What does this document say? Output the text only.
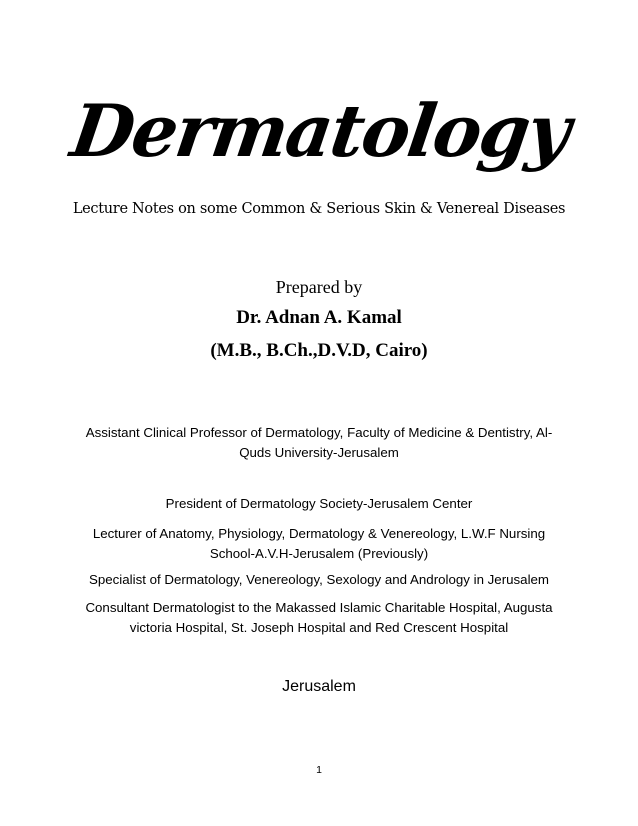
Dermatology

Lecture Notes on some Common & Serious Skin & Venereal Diseases

Prepared by

Dr. Adnan A. Kamal

(M.B., B.Ch.,D.V.D, Cairo)

Assistant Clinical Professor of Dermatology, Faculty of Medicine & Dentistry, Al-Quds University-Jerusalem

President of Dermatology Society-Jerusalem Center

Lecturer of Anatomy, Physiology, Dermatology & Venereology, L.W.F Nursing School-A.V.H-Jerusalem (Previously)

Specialist of Dermatology, Venereology, Sexology and Andrology in Jerusalem

Consultant Dermatologist to the Makassed Islamic Charitable Hospital, Augusta victoria Hospital, St. Joseph Hospital and Red Crescent Hospital

Jerusalem

1
